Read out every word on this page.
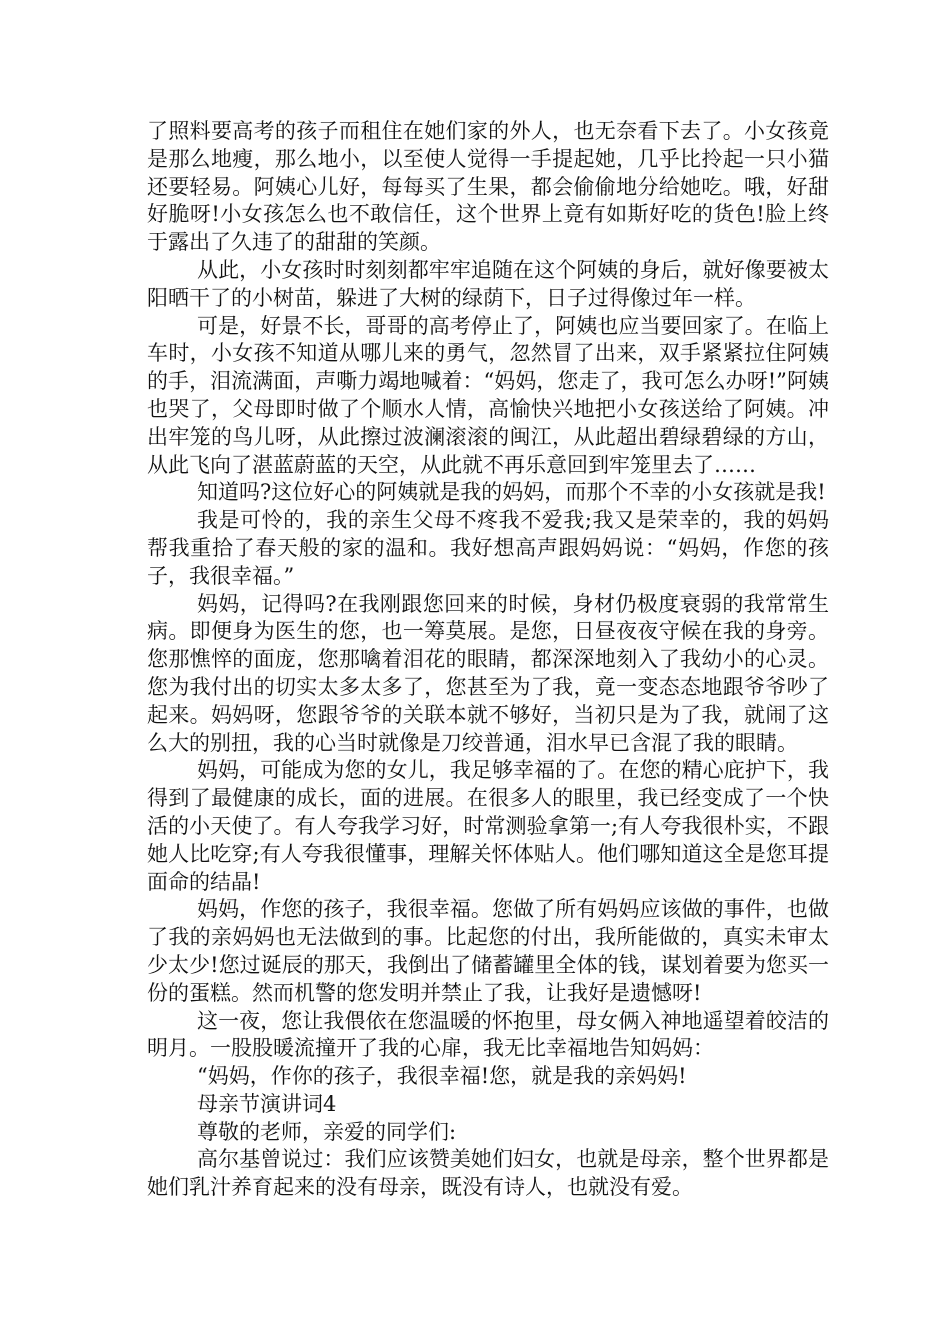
了照料要高考的孩子而租住在她们家的外人，也无奈看下去了。小女孩竟是那么地瘦，那么地小，以至使人觉得一手提起她，几乎比拎起一只小猫还要轻易。阿姨心儿好，每每买了生果，都会偷偷地分给她吃。哦，好甜好脆呀!小女孩怎么也不敢信任，这个世界上竟有如斯好吃的货色!脸上终于露出了久违了的甜甜的笑颜。

从此，小女孩时时刻刻都牢牢追随在这个阿姨的身后，就好像要被太阳晒干了的小树苗，躲进了大树的绿荫下，日子过得像过年一样。

可是，好景不长，哥哥的高考停止了，阿姨也应当要回家了。在临上车时，小女孩不知道从哪儿来的勇气，忽然冒了出来，双手紧紧拉住阿姨的手，泪流满面，声嘶力竭地喊着：“妈妈，您走了，我可怎么办呀!”阿姨也哭了，父母即时做了个顺水人情，高愉快兴地把小女孩送给了阿姨。冲出牢笼的鸟儿呀，从此擦过波澜滚滚的闽江，从此超出碧绿碧绿的方山，从此飞向了湛蓝蔚蓝的天空，从此就不再乐意回到牢笼里去了……

知道吗?这位好心的阿姨就是我的妈妈，而那个不幸的小女孩就是我!

我是可怜的，我的亲生父母不疼我不爱我;我又是荣幸的，我的妈妈帮我重拾了春天般的家的温和。我好想高声跟妈妈说：“妈妈，作您的孩子，我很幸福。”

妈妈，记得吗?在我刚跟您回来的时候，身材仍极度衰弱的我常常生病。即便身为医生的您，也一筹莫展。是您，日昼夜夜守候在我的身旁。您那憔悴的面庞，您那噙着泪花的眼睛，都深深地刻入了我幼小的心灵。您为我付出的切实太多太多了，您甚至为了我，竟一变态态地跟爷爷吵了起来。妈妈呀，您跟爷爷的关联本就不够好，当初只是为了我，就闹了这么大的别扭，我的心当时就像是刀绞普通，泪水早已含混了我的眼睛。

妈妈，可能成为您的女儿，我足够幸福的了。在您的精心庇护下，我得到了最健康的成长，面的进展。在很多人的眼里，我已经变成了一个快活的小天使了。有人夸我学习好，时常测验拿第一;有人夸我很朴实，不跟她人比吃穿;有人夸我很懂事，理解关怀体贴人。他们哪知道这全是您耳提面命的结晶!

妈妈，作您的孩子，我很幸福。您做了所有妈妈应该做的事件，也做了我的亲妈妈也无法做到的事。比起您的付出，我所能做的，真实未审太少太少!您过诞辰的那天，我倒出了储蓄罐里全体的钱，谋划着要为您买一份的蛋糕。然而机警的您发明并禁止了我，让我好是遗憾呀!

这一夜，您让我偎依在您温暖的怀抱里，母女俩入神地遥望着皎洁的明月。一股股暖流撞开了我的心扉，我无比幸福地告知妈妈：

“妈妈，作你的孩子，我很幸福!您，就是我的亲妈妈!

母亲节演讲词4

尊敬的老师，亲爱的同学们:

高尔基曾说过：我们应该赞美她们妇女，也就是母亲，整个世界都是她们乳汁养育起来的没有母亲，既没有诗人，也就没有爱。
